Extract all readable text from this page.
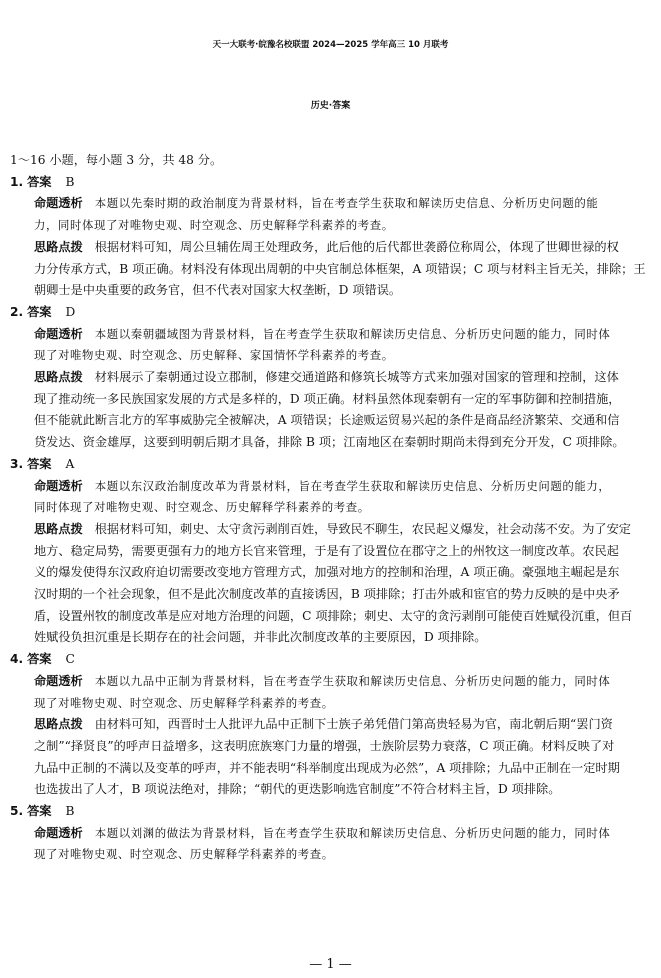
天一大联考·皖豫名校联盟 2024—2025 学年高三 10 月联考
历史·答案
1～16 小题，每小题 3 分，共 48 分。
1. 答案 B
命题透析 本题以先秦时期的政治制度为背景材料，旨在考查学生获取和解读历史信息、分析历史问题的能
力，同时体现了对唯物史观、时空观念、历史解释学科素养的考查。
思路点拨 根据材料可知，周公旦辅佐周王处理政务，此后他的后代都世袭爵位称周公，体现了世卿世禄的权
力分传承方式，B 项正确。材料没有体现出周朝的中央官制总体框架，A 项错误；C 项与材料主旨无关，排除；王
朝卿士是中央重要的政务官，但不代表对国家大权垄断，D 项错误。
2. 答案 D
命题透析 本题以秦朝疆域图为背景材料，旨在考查学生获取和解读历史信息、分析历史问题的能力，同时体
现了对唯物史观、时空观念、历史解释、家国情怀学科素养的考查。
思路点拨 材料展示了秦朝通过设立郡制，修建交通道路和修筑长城等方式来加强对国家的管理和控制，这体
现了推动统一多民族国家发展的方式是多样的，D 项正确。材料虽然体现秦朝有一定的军事防御和控制措施，
但不能就此断言北方的军事威胁完全被解决，A 项错误；长途贩运贸易兴起的条件是商品经济繁荣、交通和信
贷发达、资金雄厚，这要到明朝后期才具备，排除 B 项；江南地区在秦朝时期尚未得到充分开发，C 项排除。
3. 答案 A
命题透析 本题以东汉政治制度改革为背景材料，旨在考查学生获取和解读历史信息、分析历史问题的能力，
同时体现了对唯物史观、时空观念、历史解释学科素养的考查。
思路点拨 根据材料可知，刺史、太守贪污剥削百姓，导致民不聊生，农民起义爆发，社会动荡不安。为了安定
地方、稳定局势，需要更强有力的地方长官来管理，于是有了设置位在郡守之上的州牧这一制度改革。农民起
义的爆发使得东汉政府迫切需要改变地方管理方式，加强对地方的控制和治理，A 项正确。豪强地主崛起是东
汉时期的一个社会现象，但不是此次制度改革的直接诱因，B 项排除；打击外戚和宦官的势力反映的是中央矛
盾，设置州牧的制度改革是应对地方治理的问题，C 项排除；刺史、太守的贪污剥削可能使百姓赋役沉重，但百
姓赋役负担沉重是长期存在的社会问题，并非此次制度改革的主要原因，D 项排除。
4. 答案 C
命题透析 本题以九品中正制为背景材料，旨在考查学生获取和解读历史信息、分析历史问题的能力，同时体
现了对唯物史观、时空观念、历史解释学科素养的考查。
思路点拨 由材料可知，西晋时士人批评九品中正制下士族子弟凭借门第高贵轻易为官，南北朝后期“罢门资
之制”“择贤良”的呼声日益增多，这表明庶族寒门力量的增强，士族阶层势力衰落，C 项正确。材料反映了对
九品中正制的不满以及变革的呼声，并不能表明“科举制度出现成为必然”，A 项排除；九品中正制在一定时期
也选拔出了人才，B 项说法绝对，排除；“朝代的更迭影响选官制度”不符合材料主旨，D 项排除。
5. 答案 B
命题透析 本题以刘渊的做法为背景材料，旨在考查学生获取和解读历史信息、分析历史问题的能力，同时体
现了对唯物史观、时空观念、历史解释学科素养的考查。
— 1 —
